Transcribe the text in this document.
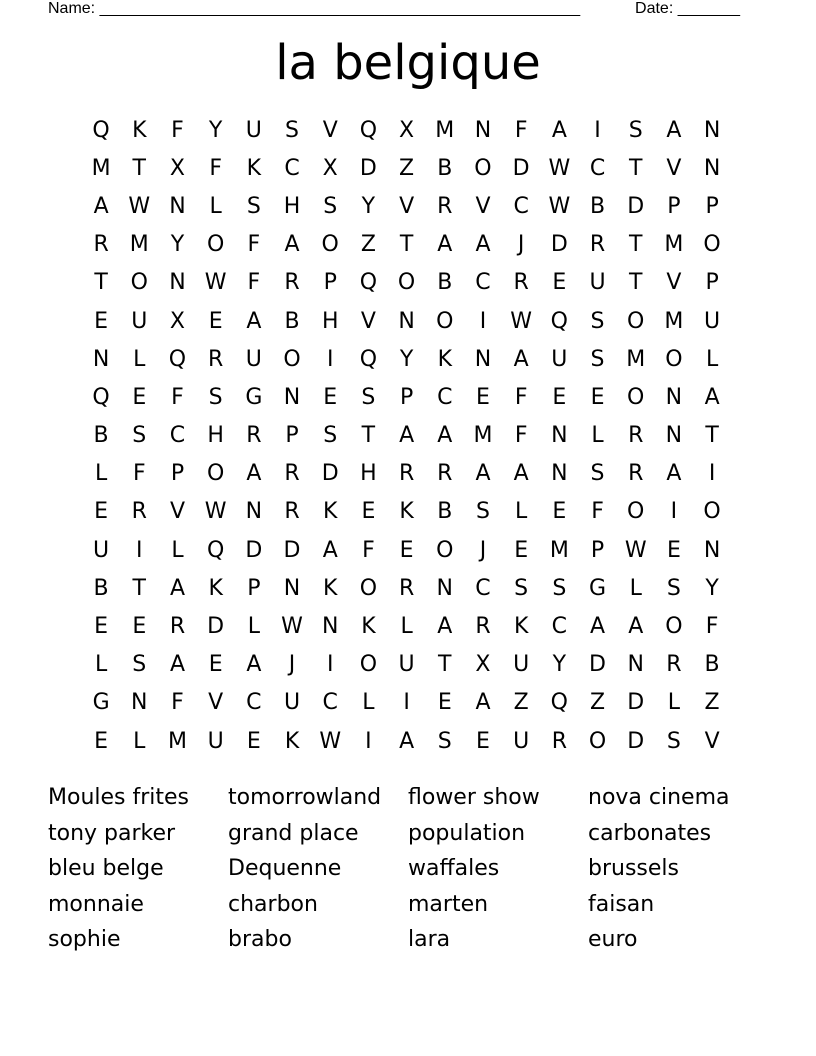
Name: ______________________________________________________	Date: _______
la belgique
Q	K	F	Y	U	S	V Q X M N	F	A	I	S	A	N
M T	X	F	K	C	X	D	Z	B O D W C	T	V	N
A W N	L	S	H	S	Y	V	R	V	C W B	D	P	P
R M Y	O	F	A O Z	T	A	A	J	D	R	T M O
T	O N W F	R	P	Q O B	C	R	E	U	T	V	P
E	U	X	E	A	B	H	V	N O	I	W Q	S	O M U
N	L	Q R	U O	I	Q	Y	K	N	A	U	S M O	L
Q	E	F	S	G N	E	S	P	C	E	F	E	E	O N	A
B	S	C	H	R	P	S	T	A	A M	F	N	L	R	N	T
L	F	P	O	A	R	D H	R	R	A	A	N	S	R	A	I
E	R	V W N	R	K	E	K	B	S	L	E	F	O	I	O
U	I	L	Q D D	A	F	E	O	J	E M	P W E	N
B	T	A	K	P	N	K	O R	N	C	S	S	G	L	S	Y
E	E	R	D	L W N	K	L	A	R	K	C	A	A O	F
L	S	A	E	A	J	I	O U	T	X	U	Y	D N	R	B
G N	F	V	C	U	C	L	I	E	A	Z Q Z	D	L	Z
E	L	M U	E	K W	I	A	S	E	U	R O D	S	V
Moules frites	tomorrowland	flower show	nova cinema
tony parker	grand place	population	carbonates
bleu belge	Dequenne	waffales	brussels
monnaie	charbon	marten	faisan
sophie	brabo	lara	euro
